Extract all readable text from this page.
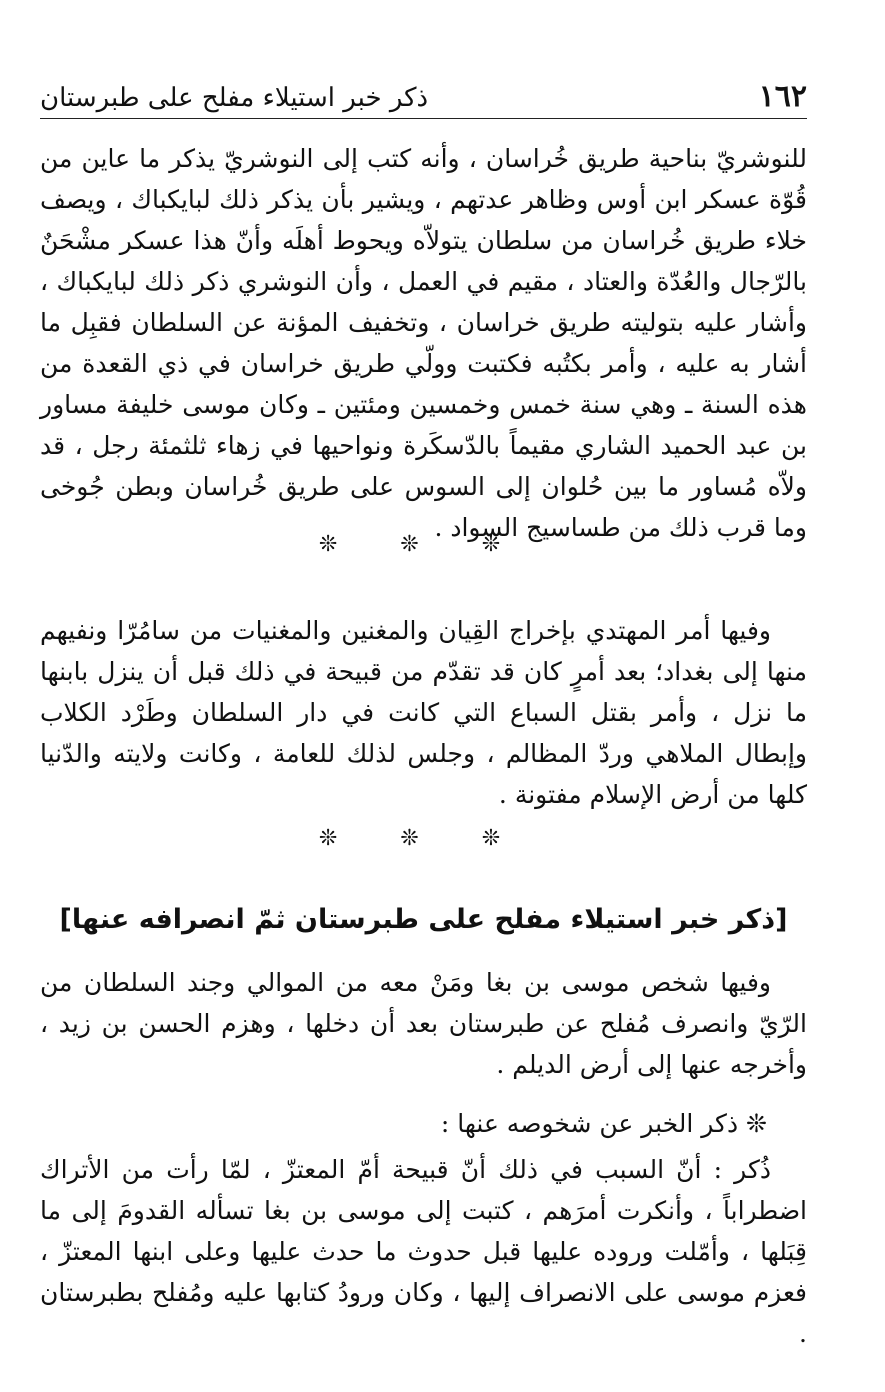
١٦٢
ذكر خبر استيلاء مفلح على طبرستان

للنوشريّ بناحية طريق خُراسان ، وأنه كتب إلى النوشريّ يذكر ما عاين من قُوّة عسكر ابن أوس وظاهر عدتهم ، ويشير بأن يذكر ذلك لبايكباك ، ويصف خلاء طريق خُراسان من سلطان يتولاّه ويحوط أهلَه وأنّ هذا عسكر مشْحَنٌ بالرّجال والعُدّة والعتاد ، مقيم في العمل ، وأن النوشري ذكر ذلك لبايكباك ، وأشار عليه بتوليته طريق خراسان ، وتخفيف المؤنة عن السلطان فقبِل ما أشار به عليه ، وأمر بكتُبه فكتبت وولّي طريق خراسان في ذي القعدة من هذه السنة ـ وهي سنة خمس وخمسين ومئتين ـ وكان موسى خليفة مساور بن عبد الحميد الشاري مقيماً بالدّسكَرة ونواحيها في زهاء ثلثمئة رجل ، قد ولاّه مُساور ما بين حُلوان إلى السوس على طريق خُراسان وبطن جُوخى وما قرب ذلك من طساسيج السواد .

❊ ❊ ❊

وفيها أمر المهتدي بإخراج القِيان والمغنين والمغنيات من سامُرّا ونفيهم منها إلى بغداد؛ بعد أمرٍ كان قد تقدّم من قبيحة في ذلك قبل أن ينزل بابنها ما نزل ، وأمر بقتل السباع التي كانت في دار السلطان وطَرْد الكلاب وإبطال الملاهي وردّ المظالم ، وجلس لذلك للعامة ، وكانت ولايته والدّنيا كلها من أرض الإسلام مفتونة .

❊ ❊ ❊
[ذكر خبر استيلاء مفلح على طبرستان ثمّ انصرافه عنها]

وفيها شخص موسى بن بغا ومَنْ معه من الموالي وجند السلطان من الرّيّ وانصرف مُفلح عن طبرستان بعد أن دخلها ، وهزم الحسن بن زيد ، وأخرجه عنها إلى أرض الديلم .

❊ ذكر الخبر عن شخوصه عنها :

ذُكر : أنّ السبب في ذلك أنّ قبيحة أمّ المعتزّ ، لمّا رأت من الأتراك اضطراباً ، وأنكرت أمرَهم ، كتبت إلى موسى بن بغا تسأله القدومَ إلى ما قِبَلها ، وأمّلت وروده عليها قبل حدوث ما حدث عليها وعلى ابنها المعتزّ ، فعزم موسى على الانصراف إليها ، وكان ورودُ كتابها عليه ومُفلح بطبرستان .
